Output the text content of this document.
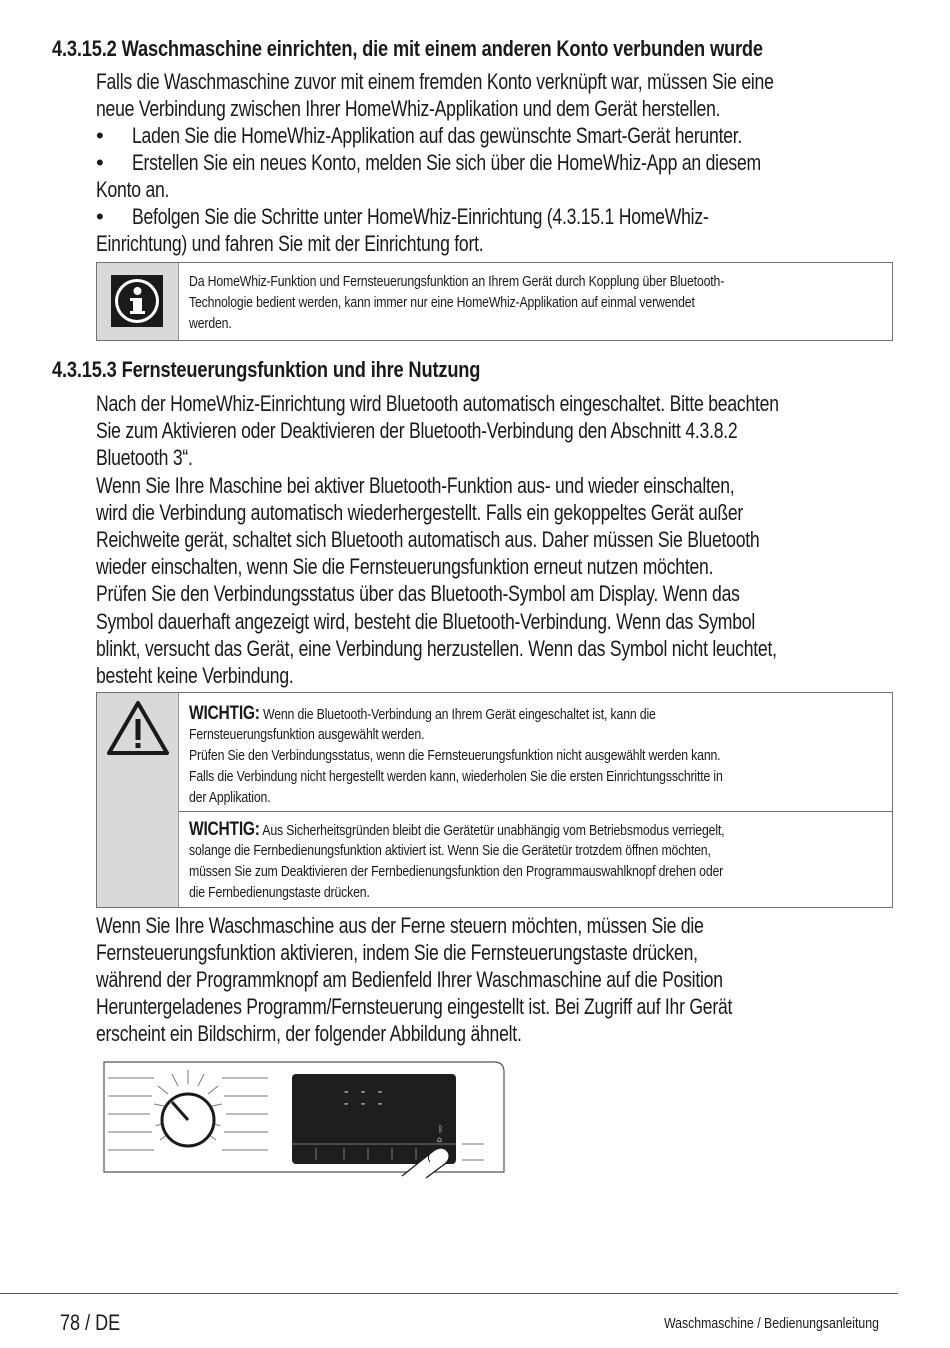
4.3.15.2 Waschmaschine einrichten, die mit einem anderen Konto verbunden wurde
Falls die Waschmaschine zuvor mit einem fremden Konto verknüpft war, müssen Sie eine
neue Verbindung zwischen Ihrer HomeWhiz-Applikation und dem Gerät herstellen.
• Laden Sie die HomeWhiz-Applikation auf das gewünschte Smart-Gerät herunter.
• Erstellen Sie ein neues Konto, melden Sie sich über die HomeWhiz-App an diesem
Konto an.
• Befolgen Sie die Schritte unter HomeWhiz-Einrichtung (4.3.15.1 HomeWhiz-
Einrichtung) und fahren Sie mit der Einrichtung fort.
Da HomeWhiz-Funktion und Fernsteuerungsfunktion an Ihrem Gerät durch Kopplung über Bluetooth-
Technologie bedient werden, kann immer nur eine HomeWhiz-Applikation auf einmal verwendet
werden.
4.3.15.3 Fernsteuerungsfunktion und ihre Nutzung
Nach der HomeWhiz-Einrichtung wird Bluetooth automatisch eingeschaltet. Bitte beachten
Sie zum Aktivieren oder Deaktivieren der Bluetooth-Verbindung den Abschnitt 4.3.8.2
Bluetooth 3“.
Wenn Sie Ihre Maschine bei aktiver Bluetooth-Funktion aus- und wieder einschalten,
wird die Verbindung automatisch wiederhergestellt. Falls ein gekoppeltes Gerät außer
Reichweite gerät, schaltet sich Bluetooth automatisch aus. Daher müssen Sie Bluetooth
wieder einschalten, wenn Sie die Fernsteuerungsfunktion erneut nutzen möchten.
Prüfen Sie den Verbindungsstatus über das Bluetooth-Symbol am Display. Wenn das
Symbol dauerhaft angezeigt wird, besteht die Bluetooth-Verbindung. Wenn das Symbol
blinkt, versucht das Gerät, eine Verbindung herzustellen. Wenn das Symbol nicht leuchtet,
besteht keine Verbindung.
WICHTIG: Wenn die Bluetooth-Verbindung an Ihrem Gerät eingeschaltet ist, kann die
Fernsteuerungsfunktion ausgewählt werden.
Prüfen Sie den Verbindungsstatus, wenn die Fernsteuerungsfunktion nicht ausgewählt werden kann.
Falls die Verbindung nicht hergestellt werden kann, wiederholen Sie die ersten Einrichtungsschritte in
der Applikation.
WICHTIG: Aus Sicherheitsgründen bleibt die Gerätetür unabhängig vom Betriebsmodus verriegelt,
solange die Fernbedienungsfunktion aktiviert ist. Wenn Sie die Gerätetür trotzdem öffnen möchten,
müssen Sie zum Deaktivieren der Fernbedienungsfunktion den Programmauswahlknopf drehen oder
die Fernbedienungstaste drücken.
Wenn Sie Ihre Waschmaschine aus der Ferne steuern möchten, müssen Sie die
Fernsteuerungsfunktion aktivieren, indem Sie die Fernsteuerungstaste drücken,
während der Programmknopf am Bedienfeld Ihrer Waschmaschine auf die Position
Heruntergeladenes Programm/Fernsteuerung eingestellt ist. Bei Zugriff auf Ihr Gerät
erscheint ein Bildschirm, der folgender Abbildung ähnelt.
- - -
- - -
ᛒ
⌂
78 / DE	Waschmaschine / Bedienungsanleitung
